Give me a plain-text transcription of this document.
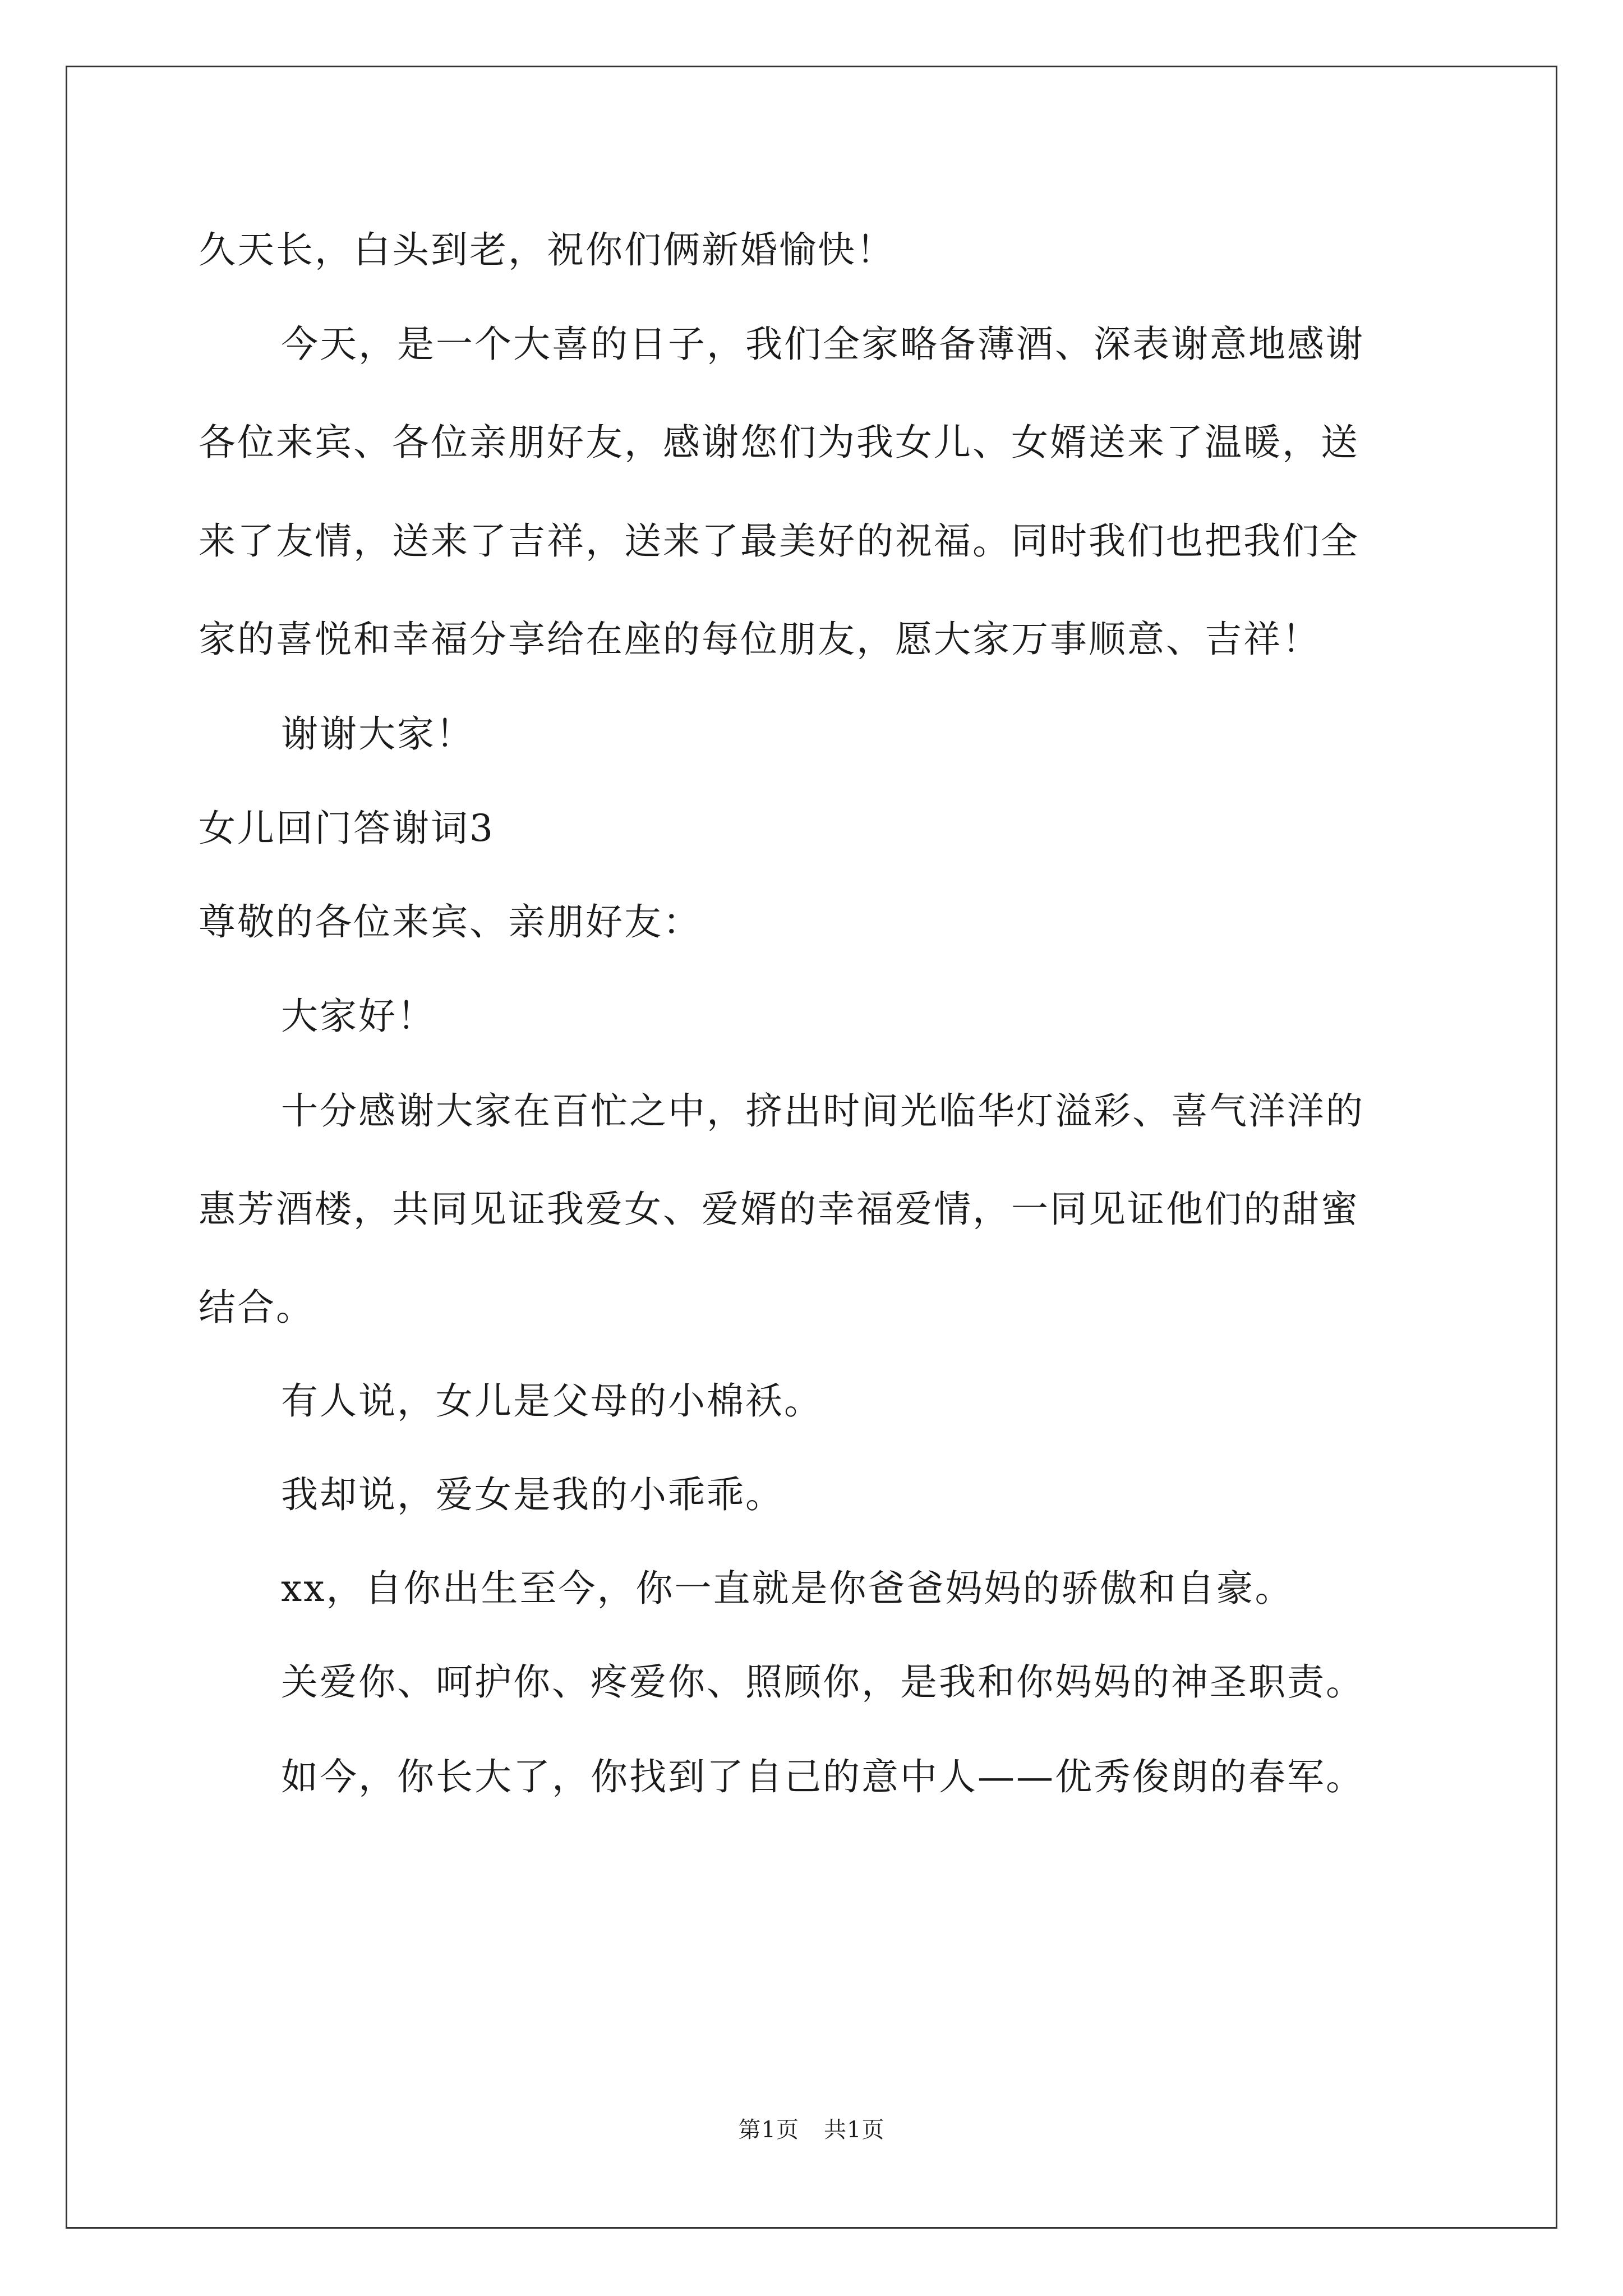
久天长，白头到老，祝你们俩新婚愉快！
今天，是一个大喜的日子，我们全家略备薄酒、深表谢意地感谢
各位来宾、各位亲朋好友，感谢您们为我女儿、女婿送来了温暖，送
来了友情，送来了吉祥，送来了最美好的祝福。同时我们也把我们全
家的喜悦和幸福分享给在座的每位朋友，愿大家万事顺意、吉祥！
谢谢大家！
女儿回门答谢词3
尊敬的各位来宾、亲朋好友：
大家好！
十分感谢大家在百忙之中，挤出时间光临华灯溢彩、喜气洋洋的
惠芳酒楼，共同见证我爱女、爱婿的幸福爱情，一同见证他们的甜蜜
结合。
有人说，女儿是父母的小棉袄。
我却说，爱女是我的小乖乖。
xx，自你出生至今，你一直就是你爸爸妈妈的骄傲和自豪。
关爱你、呵护你、疼爱你、照顾你，是我和你妈妈的神圣职责。
如今，你长大了，你找到了自己的意中人——优秀俊朗的春军。
第1页 共1页
